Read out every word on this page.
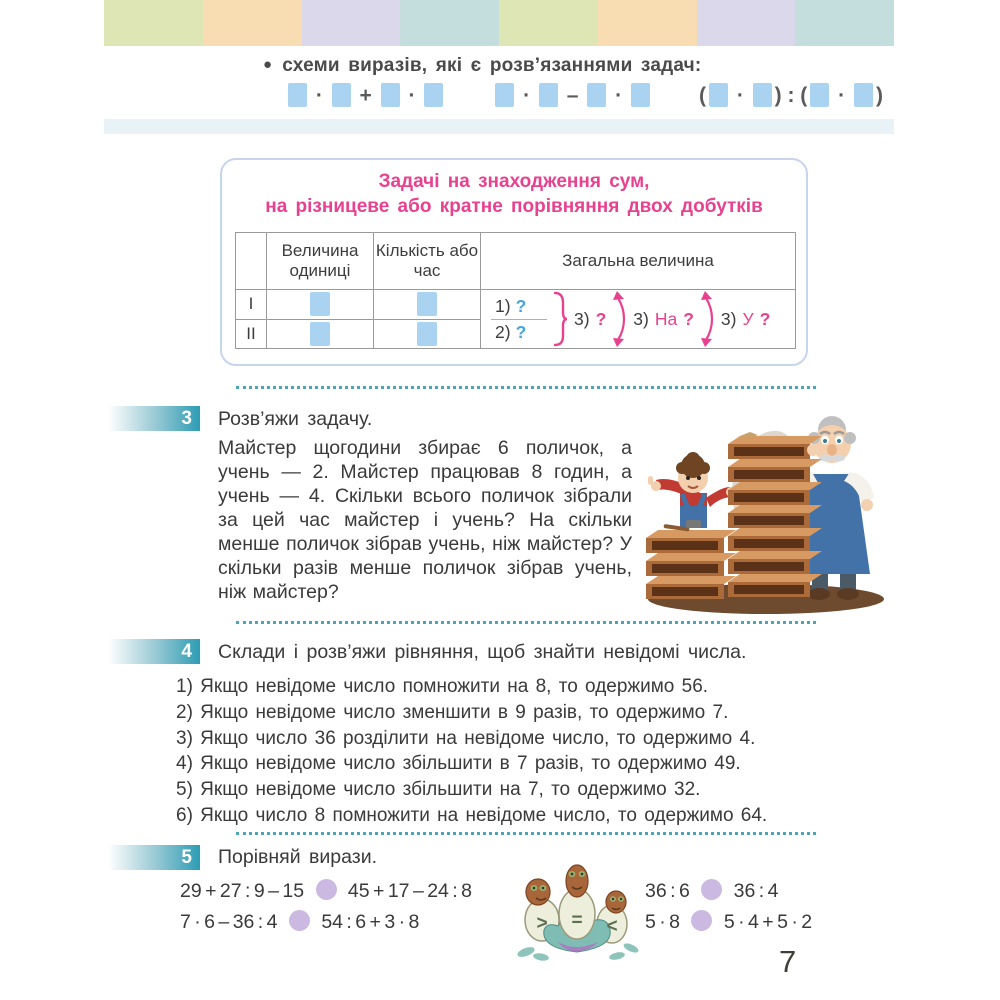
● схеми виразів, які є розв’язаннями задач:
·  +  ·	·  –  ·	( · ) : ( · )
Задачі на знаходження сум,
на різницеве або кратне порівняння двох добутків
	Величина одиниці	Кількість або час	Загальна величина
I			$\frac{1) ?}{2) ?} 3$) ? 3) На ? 3) У ?

II			
3	Розв’яжи задачу.
Майстер щогодини збирає 6 поличок, а учень — 2. Майстер працював 8 годин, а учень — 4. Скільки всього поличок зібрали за цей час майстер і учень? На скільки менше поличок зібрав учень, ніж майстер? У скільки разів менше поличок зібрав учень, ніж майстер?
4	Склади і розв’яжи рівняння, щоб знайти невідомі числа.
1) Якщо невідоме число помножити на 8, то одержимо 56.
2) Якщо невідоме число зменшити в 9 разів, то одержимо 7.
3) Якщо число 36 розділити на невідоме число, то одержимо 4.
4) Якщо невідоме число збільшити в 7 разів, то одержимо 49.
5) Якщо невідоме число збільшити на 7, то одержимо 32.
6) Якщо число 8 помножити на невідоме число, то одержимо 64.
5	Порівняй вирази.
29 + 27 : 9 – 15  45 + 17 – 24 : 8
7 · 6 – 36 : 4  54 : 6 + 3 · 8
36 : 6  36 : 4
5 · 8  5 · 4 + 5 · 2
> = <
7
